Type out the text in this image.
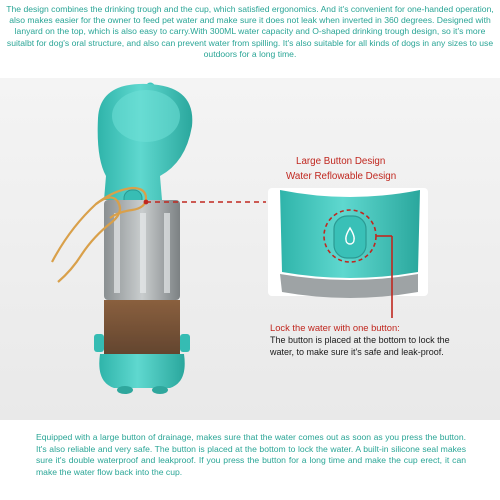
The design combines the drinking trough and the cup, which satisfied ergonomics. And it's convenient for one-handed operation, also makes easier for the owner to feed pet water and make sure it does not leak when inverted in 360 degrees. Designed with lanyard on the top, which is also easy to carry.With 300ML water capacity and O-shaped drinking trough design, so it's more suitalbt for dog's oral structure, and also can prevent water from spilling. It's also suitable for all kinds of dogs in any sizes to use outdoors for a long time.
Large Button Design
Water Reflowable Design
Lock the water with one button:
The button is placed at the bottom to lock the water, to make sure it's safe and leak-proof.
Equipped with a large button of drainage, makes sure that the water comes out as soon as you press the button. It's also reliable and very safe. The button is placed at the bottom to lock the water. A built-in silicone seal makes sure it's double waterproof and leakproof. If you press the button for a long time and make the cup erect, it can make the water flow back into the cup.
